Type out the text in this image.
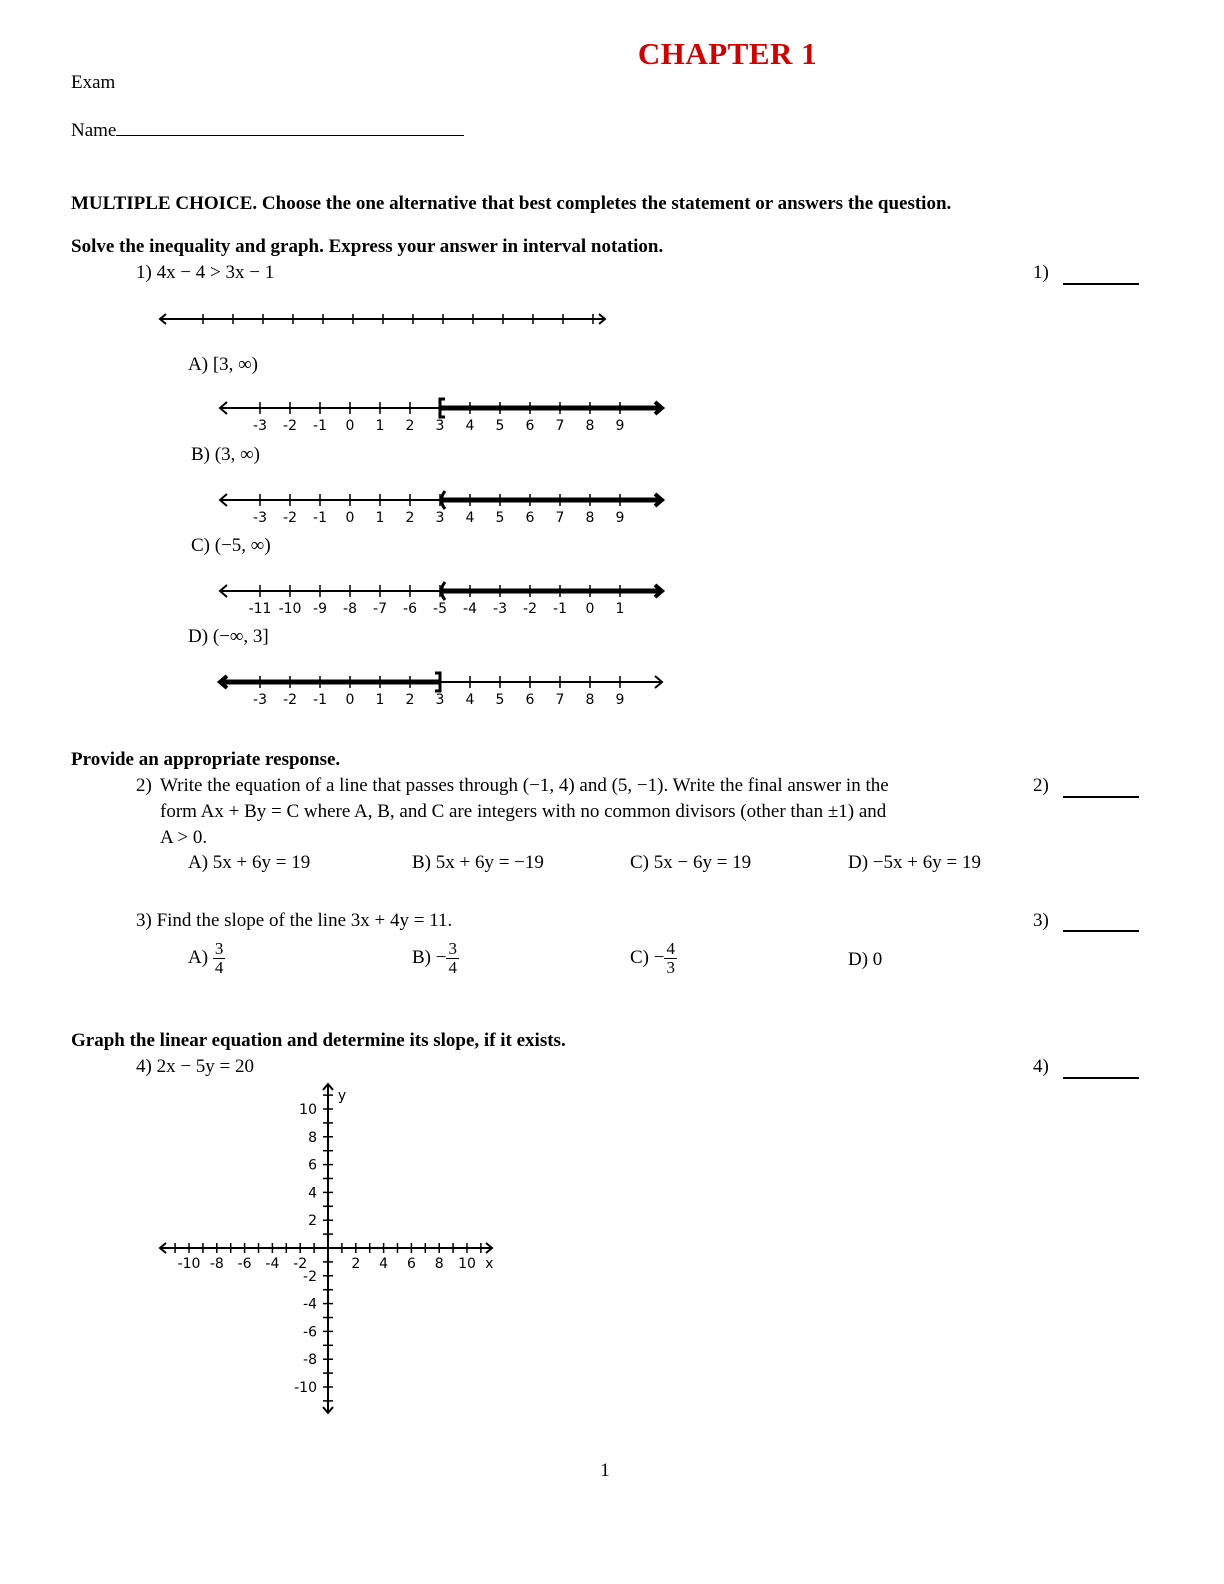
CHAPTER 1
Exam
Name
MULTIPLE CHOICE. Choose the one alternative that best completes the statement or answers the question.
Solve the inequality and graph. Express your answer in interval notation.
1) 4x − 4 > 3x − 1	1)
A) [3, ∞)
-3 -2 -1 0 1 2 3 4 5 6 7 8 9
B) (3, ∞)
-3 -2 -1 0 1 2 3 4 5 6 7 8 9
C) (−5, ∞)
-11 -10 -9 -8 -7 -6 -5 -4 -3 -2 -1 0 1
D) (−∞, 3]
-3 -2 -1 0 1 2 3 4 5 6 7 8 9
Provide an appropriate response.
2) Write the equation of a line that passes through (−1, 4) and (5, −1). Write the final answer in the
form Ax + By = C where A, B, and C are integers with no common divisors (other than ±1) and
A > 0.
2)
A) 5x + 6y = 19	B) 5x + 6y = −19	C) 5x − 6y = 19	D) −5x + 6y = 19
3) Find the slope of the line 3x + 4y = 11.	3)
$A) \frac{3}{4}$	$B) - \frac{3}{4}$	$C) - \frac{4}{3}$	D) 0
Graph the linear equation and determine its slope, if it exists.
4) 2x − 5y = 20	4)
-10 -8 -6 -4 -2	2 4 6 8 10
10
8
6
4
2
-2
-4
-6
-8
-10
x
y
1
